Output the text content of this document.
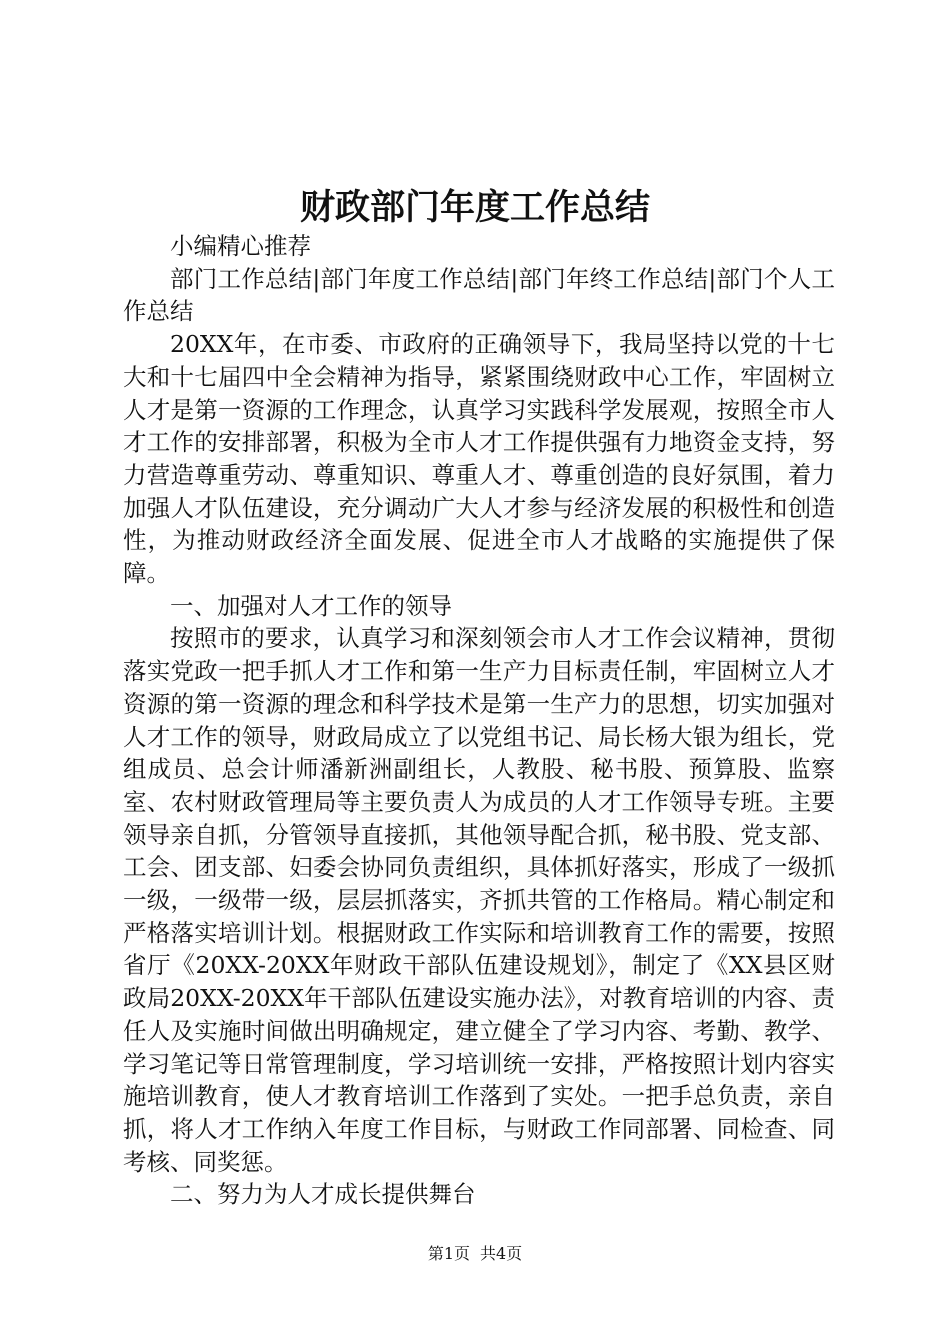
财政部门年度工作总结

小编精心推荐

部门工作总结|部门年度工作总结|部门年终工作总结|部门个人工作总结

20XX年，在市委、市政府的正确领导下，我局坚持以党的十七大和十七届四中全会精神为指导，紧紧围绕财政中心工作，牢固树立人才是第一资源的工作理念，认真学习实践科学发展观，按照全市人才工作的安排部署，积极为全市人才工作提供强有力地资金支持，努力营造尊重劳动、尊重知识、尊重人才、尊重创造的良好氛围，着力加强人才队伍建设，充分调动广大人才参与经济发展的积极性和创造性，为推动财政经济全面发展、促进全市人才战略的实施提供了保障。

一、加强对人才工作的领导

按照市的要求，认真学习和深刻领会市人才工作会议精神，贯彻落实党政一把手抓人才工作和第一生产力目标责任制，牢固树立人才资源的第一资源的理念和科学技术是第一生产力的思想，切实加强对人才工作的领导，财政局成立了以党组书记、局长杨大银为组长，党组成员、总会计师潘新洲副组长，人教股、秘书股、预算股、监察室、农村财政管理局等主要负责人为成员的人才工作领导专班。主要领导亲自抓，分管领导直接抓，其他领导配合抓，秘书股、党支部、工会、团支部、妇委会协同负责组织，具体抓好落实，形成了一级抓一级，一级带一级，层层抓落实，齐抓共管的工作格局。精心制定和严格落实培训计划。根据财政工作实际和培训教育工作的需要，按照省厅《20XX-20XX年财政干部队伍建设规划》，制定了《XX县区财政局20XX-20XX年干部队伍建设实施办法》，对教育培训的内容、责任人及实施时间做出明确规定，建立健全了学习内容、考勤、教学、学习笔记等日常管理制度，学习培训统一安排，严格按照计划内容实施培训教育，使人才教育培训工作落到了实处。一把手总负责，亲自抓，将人才工作纳入年度工作目标，与财政工作同部署、同检查、同考核、同奖惩。

二、努力为人才成长提供舞台

第1页 共4页
